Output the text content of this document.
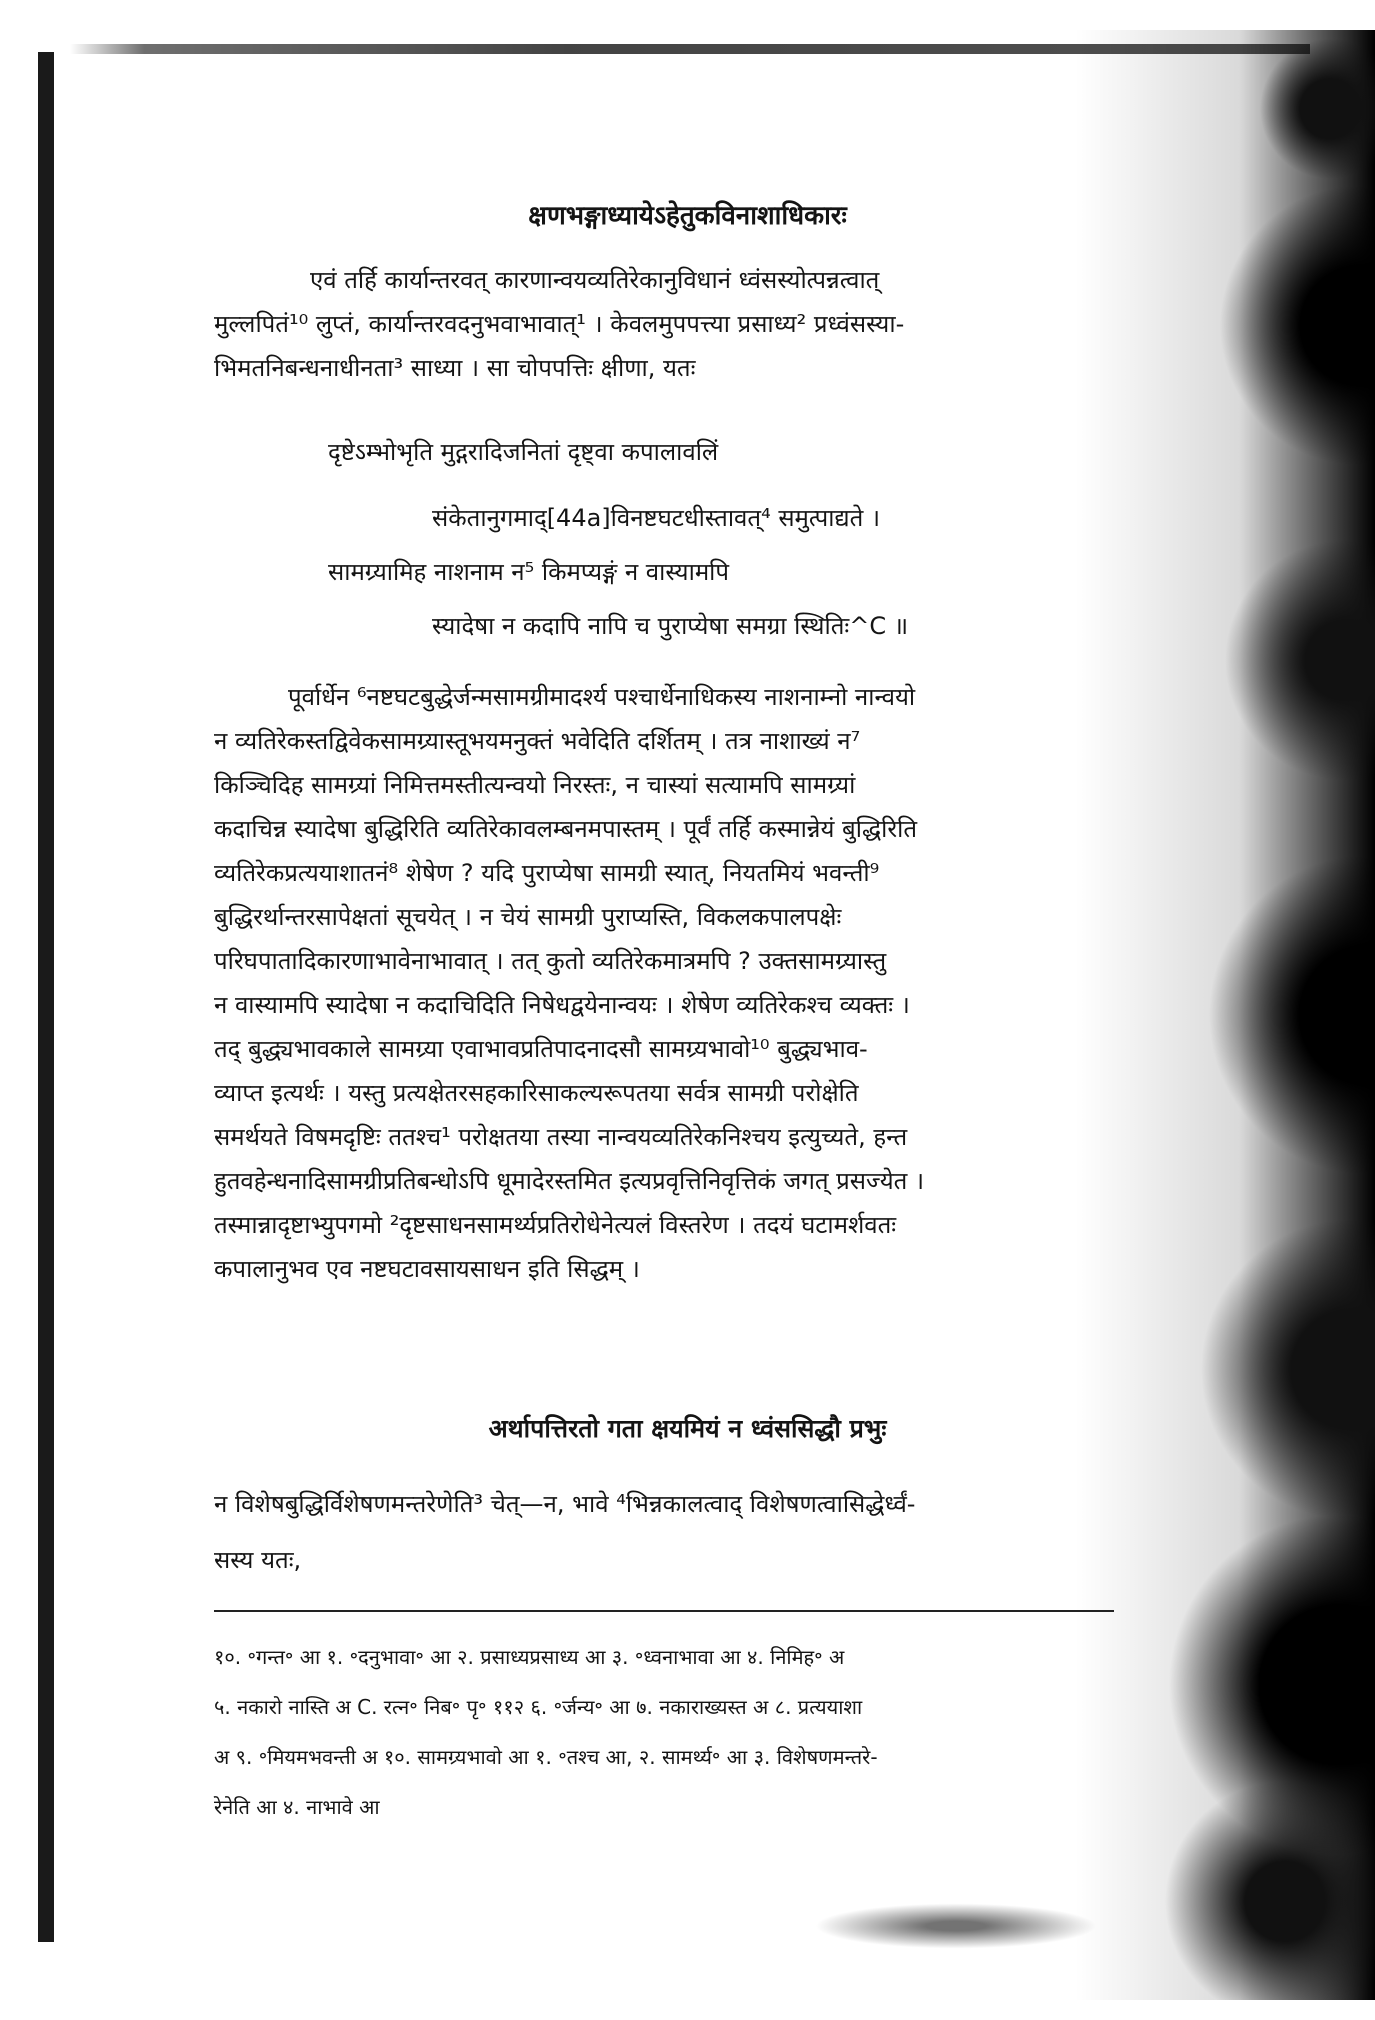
क्षणभङ्गाध्यायेऽहेतुकविनाशाधिकारः

एवं तर्हि कार्यान्तरवत् कारणान्वयव्यतिरेकानुविधानं ध्वंसस्योत्पन्नत्वात्

मुल्लपितं¹⁰ लुप्तं, कार्यान्तरवदनुभवाभावात्¹ । केवलमुपपत्त्या प्रसाध्य² प्रध्वंसस्या-

भिमतनिबन्धनाधीनता³ साध्या । सा चोपपत्तिः क्षीणा, यतः

दृष्टेऽम्भोभृति मुद्गरादिजनितां दृष्ट्वा कपालावलिं
संकेतानुगमाद्[44a]विनष्टघटधीस्तावत्⁴ समुत्पाद्यते ।
सामग्र्यामिह नाशनाम न⁵ किमप्यङ्गं न वास्यामपि
स्यादेषा न कदापि नापि च पुराप्येषा समग्रा स्थितिः^C ॥

पूर्वार्धेन ⁶नष्टघटबुद्धेर्जन्मसामग्रीमादर्श्य पश्चार्धेनाधिकस्य नाशनाम्नो नान्वयो

न व्यतिरेकस्तद्विवेकसामग्र्यास्तूभयमनुक्तं भवेदिति दर्शितम् । तत्र नाशाख्यं न⁷

किञ्चिदिह सामग्र्यां निमित्तमस्तीत्यन्वयो निरस्तः, न चास्यां सत्यामपि सामग्र्यां

कदाचिन्न स्यादेषा बुद्धिरिति व्यतिरेकावलम्बनमपास्तम् । पूर्वं तर्हि कस्मान्नेयं बुद्धिरिति

व्यतिरेकप्रत्ययाशातनं⁸ शेषेण ? यदि पुराप्येषा सामग्री स्यात्, नियतमियं भवन्ती⁹

बुद्धिरर्थान्तरसापेक्षतां सूचयेत् । न चेयं सामग्री पुराप्यस्ति, विकलकपालपक्षेः

परिघपातादिकारणाभावेनाभावात् । तत् कुतो व्यतिरेकमात्रमपि ? उक्तसामग्र्यास्तु

न वास्यामपि स्यादेषा न कदाचिदिति निषेधद्वयेनान्वयः । शेषेण व्यतिरेकश्च व्यक्तः ।

तद् बुद्ध्यभावकाले सामग्र्या एवाभावप्रतिपादनादसौ सामग्र्यभावो¹⁰ बुद्ध्यभाव-

व्याप्त इत्यर्थः । यस्तु प्रत्यक्षेतरसहकारिसाकल्यरूपतया सर्वत्र सामग्री परोक्षेति

समर्थयते विषमदृष्टिः ततश्च¹ परोक्षतया तस्या नान्वयव्यतिरेकनिश्चय इत्युच्यते, हन्त

हुतवहेन्धनादिसामग्रीप्रतिबन्धोऽपि धूमादेरस्तमित इत्यप्रवृत्तिनिवृत्तिकं जगत् प्रसज्येत ।

तस्मान्नादृष्टाभ्युपगमो ²दृष्टसाधनसामर्थ्यप्रतिरोधेनेत्यलं विस्तरेण । तदयं घटामर्शवतः

कपालानुभव एव नष्टघटावसायसाधन इति सिद्धम् ।

अर्थापत्तिरतो गता क्षयमियं न ध्वंससिद्धौ प्रभुः

न विशेषबुद्धिर्विशेषणमन्तरेणेति³ चेत्—न, भावे ⁴भिन्नकालत्वाद् विशेषणत्वासिद्धेर्ध्वं-

सस्य यतः,

१०. ॰गन्त॰ आ १. ॰दनुभावा॰ आ २. प्रसाध्यप्रसाध्य आ ३. ॰ध्वनाभावा आ ४. निमिह॰ अ

५. नकारो नास्ति अ C. रत्न॰ निब॰ पृ॰ ११२ ६. ॰र्जन्य॰ आ ७. नकाराख्यस्त अ ८. प्रत्ययाशा

अ ९. ॰मियमभवन्ती अ १०. सामग्र्यभावो आ १. ॰तश्च आ, २. सामर्थ्य॰ आ ३. विशेषणमन्तरे-

रेनेति आ ४. नाभावे आ
